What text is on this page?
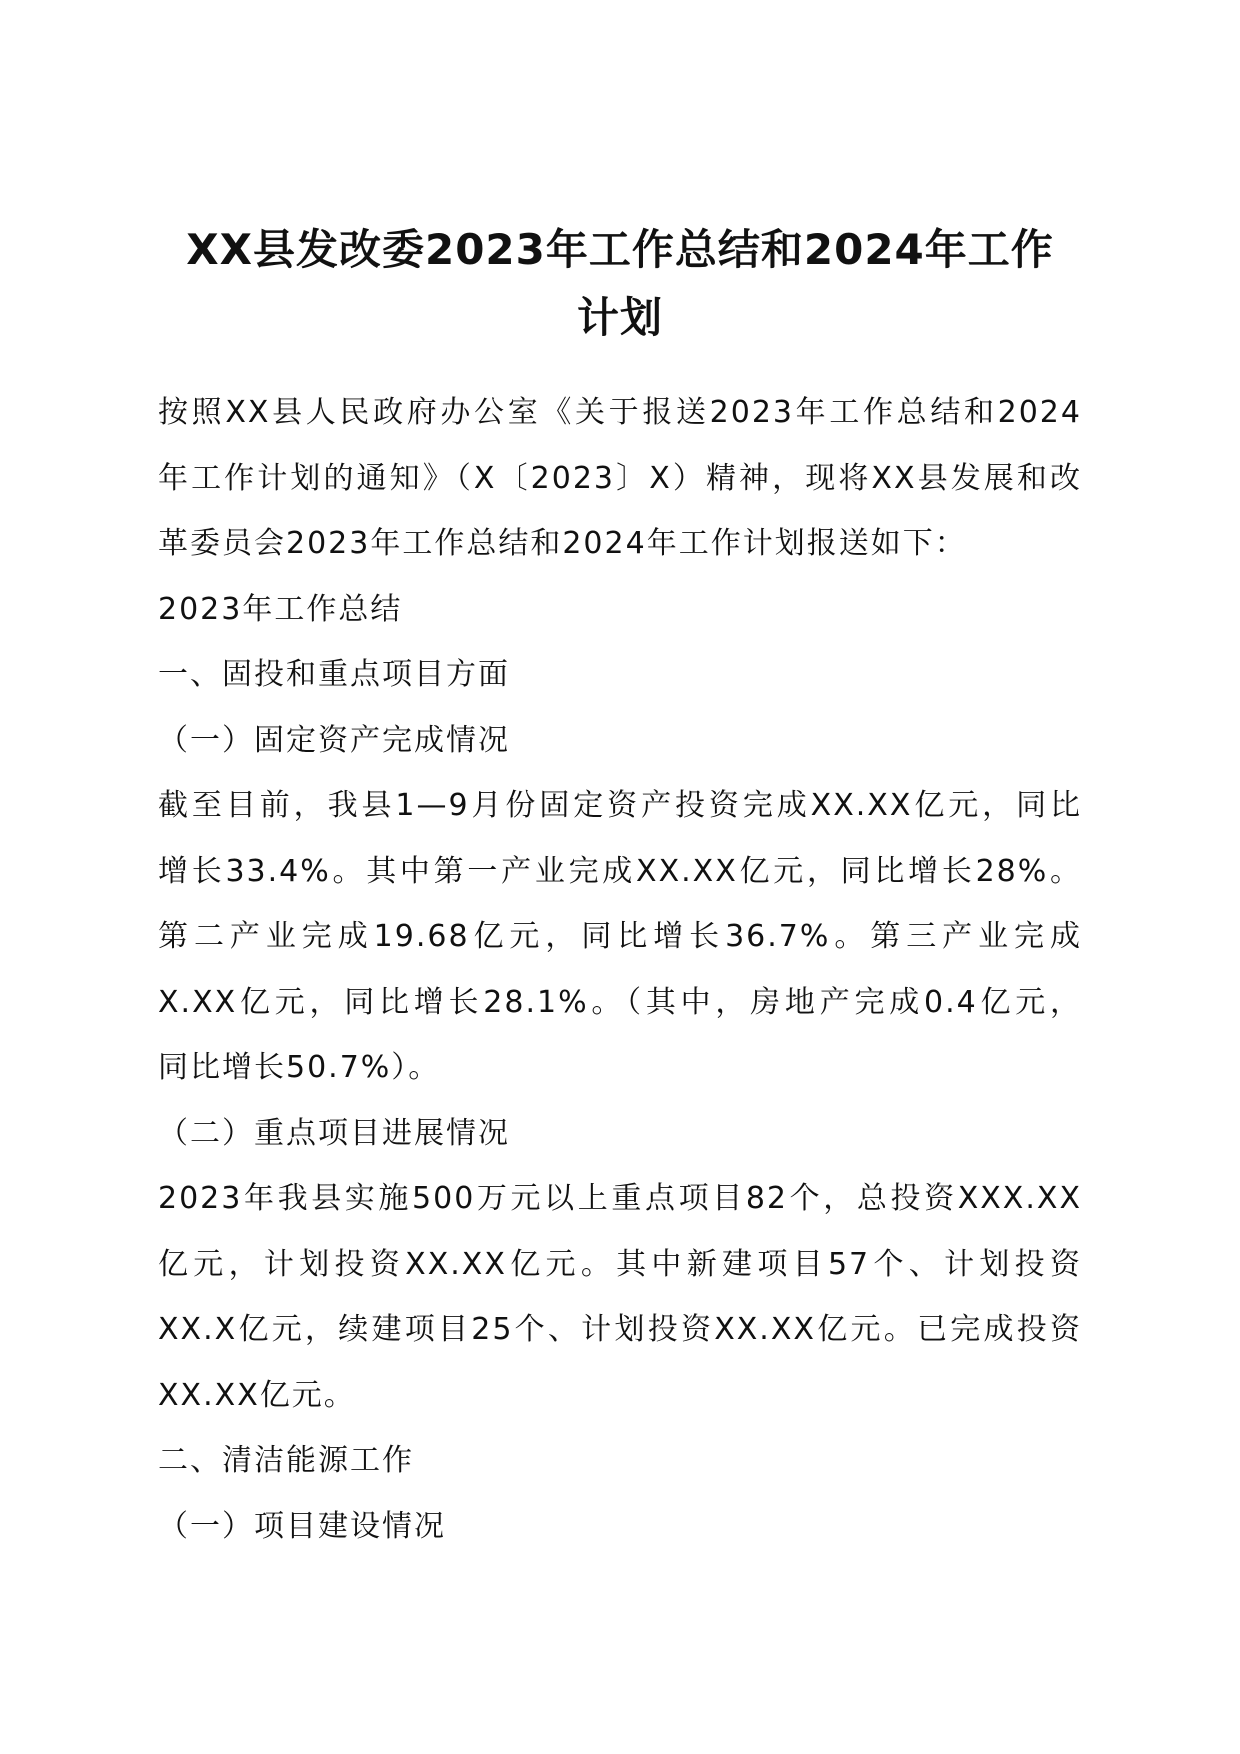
XX县发改委2023年工作总结和2024年工作
计划

按照XX县人民政府办公室《关于报送2023年工作总结和2024

年工作计划的通知》（X〔2023〕X）精神，现将XX县发展和改

革委员会2023年工作总结和2024年工作计划报送如下：

2023年工作总结

一、固投和重点项目方面

（一）固定资产完成情况

截至目前，我县1—9月份固定资产投资完成XX.XX亿元，同比

增长33.4%。其中第一产业完成XX.XX亿元，同比增长28%。

第二产业完成19.68亿元，同比增长36.7%。第三产业完成

X.XX亿元，同比增长28.1%。（其中，房地产完成0.4亿元，

同比增长50.7%）。

（二）重点项目进展情况

2023年我县实施500万元以上重点项目82个，总投资XXX.XX

亿元，计划投资XX.XX亿元。其中新建项目57个、计划投资

XX.X亿元，续建项目25个、计划投资XX.XX亿元。已完成投资

XX.XX亿元。

二、清洁能源工作

（一）项目建设情况
